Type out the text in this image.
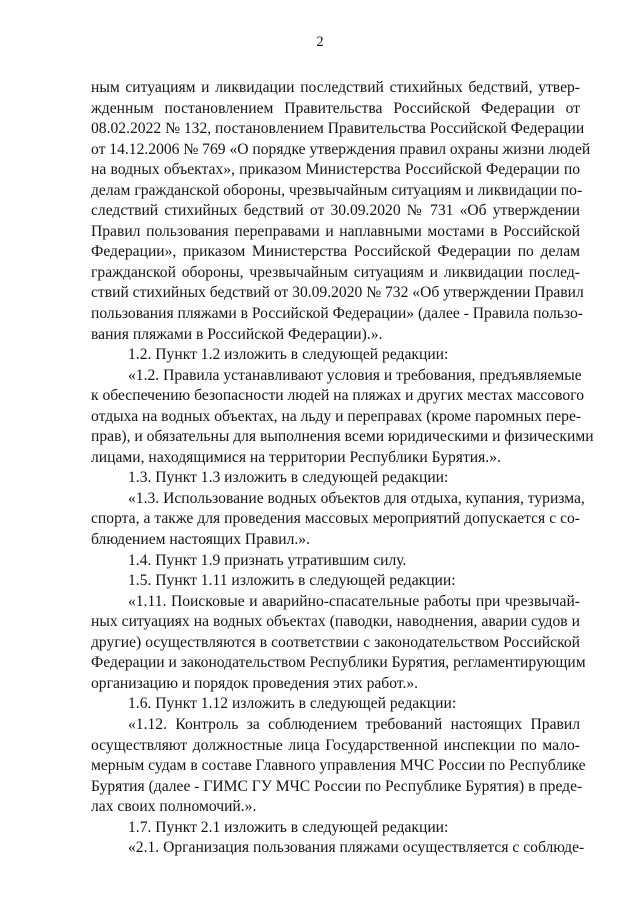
2
ным ситуациям и ликвидации последствий стихийных бедствий, утвер-
жденным постановлением Правительства Российской Федерации от
08.02.2022 № 132, постановлением Правительства Российской Федерации
от 14.12.2006 № 769 «О порядке утверждения правил охраны жизни людей
на водных объектах», приказом Министерства Российской Федерации по
делам гражданской обороны, чрезвычайным ситуациям и ликвидации по-
следствий стихийных бедствий от 30.09.2020 № 731 «Об утверждении
Правил пользования переправами и наплавными мостами в Российской
Федерации», приказом Министерства Российской Федерации по делам
гражданской обороны, чрезвычайным ситуациям и ликвидации послед-
ствий стихийных бедствий от 30.09.2020 № 732 «Об утверждении Правил
пользования пляжами в Российской Федерации» (далее - Правила пользо-
вания пляжами в Российской Федерации).».
1.2. Пункт 1.2 изложить в следующей редакции:
«1.2. Правила устанавливают условия и требования, предъявляемые
к обеспечению безопасности людей на пляжах и других местах массового
отдыха на водных объектах, на льду и переправах (кроме паромных пере-
прав), и обязательны для выполнения всеми юридическими и физическими
лицами, находящимися на территории Республики Бурятия.».
1.3. Пункт 1.3 изложить в следующей редакции:
«1.3. Использование водных объектов для отдыха, купания, туризма,
спорта, а также для проведения массовых мероприятий допускается с со-
блюдением настоящих Правил.».
1.4. Пункт 1.9 признать утратившим силу.
1.5. Пункт 1.11 изложить в следующей редакции:
«1.11. Поисковые и аварийно-спасательные работы при чрезвычай-
ных ситуациях на водных объектах (паводки, наводнения, аварии судов и
другие) осуществляются в соответствии с законодательством Российской
Федерации и законодательством Республики Бурятия, регламентирующим
организацию и порядок проведения этих работ.».
1.6. Пункт 1.12 изложить в следующей редакции:
«1.12. Контроль за соблюдением требований настоящих Правил
осуществляют должностные лица Государственной инспекции по мало-
мерным судам в составе Главного управления МЧС России по Республике
Бурятия (далее - ГИМС ГУ МЧС России по Республике Бурятия) в преде-
лах своих полномочий.».
1.7. Пункт 2.1 изложить в следующей редакции:
«2.1. Организация пользования пляжами осуществляется с соблюде-
